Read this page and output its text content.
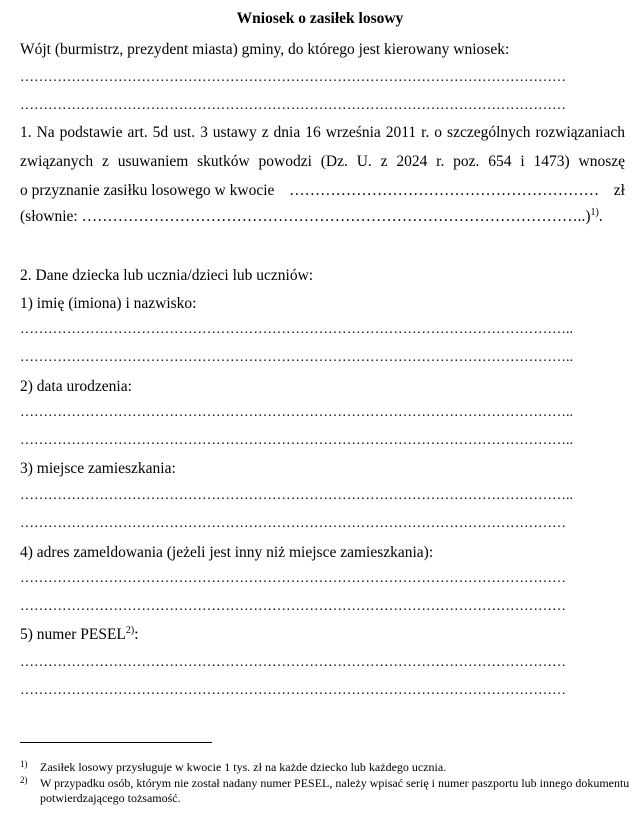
Wniosek o zasiłek losowy
Wójt (burmistrz, prezydent miasta) gminy, do którego jest kierowany wniosek:
………………………………………………………………………………………………………
………………………………………………………………………………………………………
1. Na podstawie art. 5d ust. 3 ustawy z dnia 16 września 2011 r. o szczególnych rozwiązaniach
związanych z usuwaniem skutków powodzi (Dz. U. z 2024 r. poz. 654 i 1473) wnoszę
o przyznanie zasiłku losowego w kwocie …………………………………………………… zł
(słownie: ……………………………………………………………………………………..)$^{1)}$.
2. Dane dziecka lub ucznia/dzieci lub uczniów:
1) imię (imiona) i nazwisko:
………………………………………………………………………………………………………..
………………………………………………………………………………………………………..
2) data urodzenia:
………………………………………………………………………………………………………..
………………………………………………………………………………………………………..
3) miejsce zamieszkania:
………………………………………………………………………………………………………..
………………………………………………………………………………………………………
4) adres zameldowania (jeżeli jest inny niż miejsce zamieszkania):
………………………………………………………………………………………………………
………………………………………………………………………………………………………
5) numer PESEL$^{2)}$:
………………………………………………………………………………………………………
………………………………………………………………………………………………………
1) Zasiłek losowy przysługuje w kwocie 1 tys. zł na każde dziecko lub każdego ucznia.
2) W przypadku osób, którym nie został nadany numer PESEL, należy wpisać serię i numer paszportu lub innego dokumentu potwierdzającego tożsamość.
